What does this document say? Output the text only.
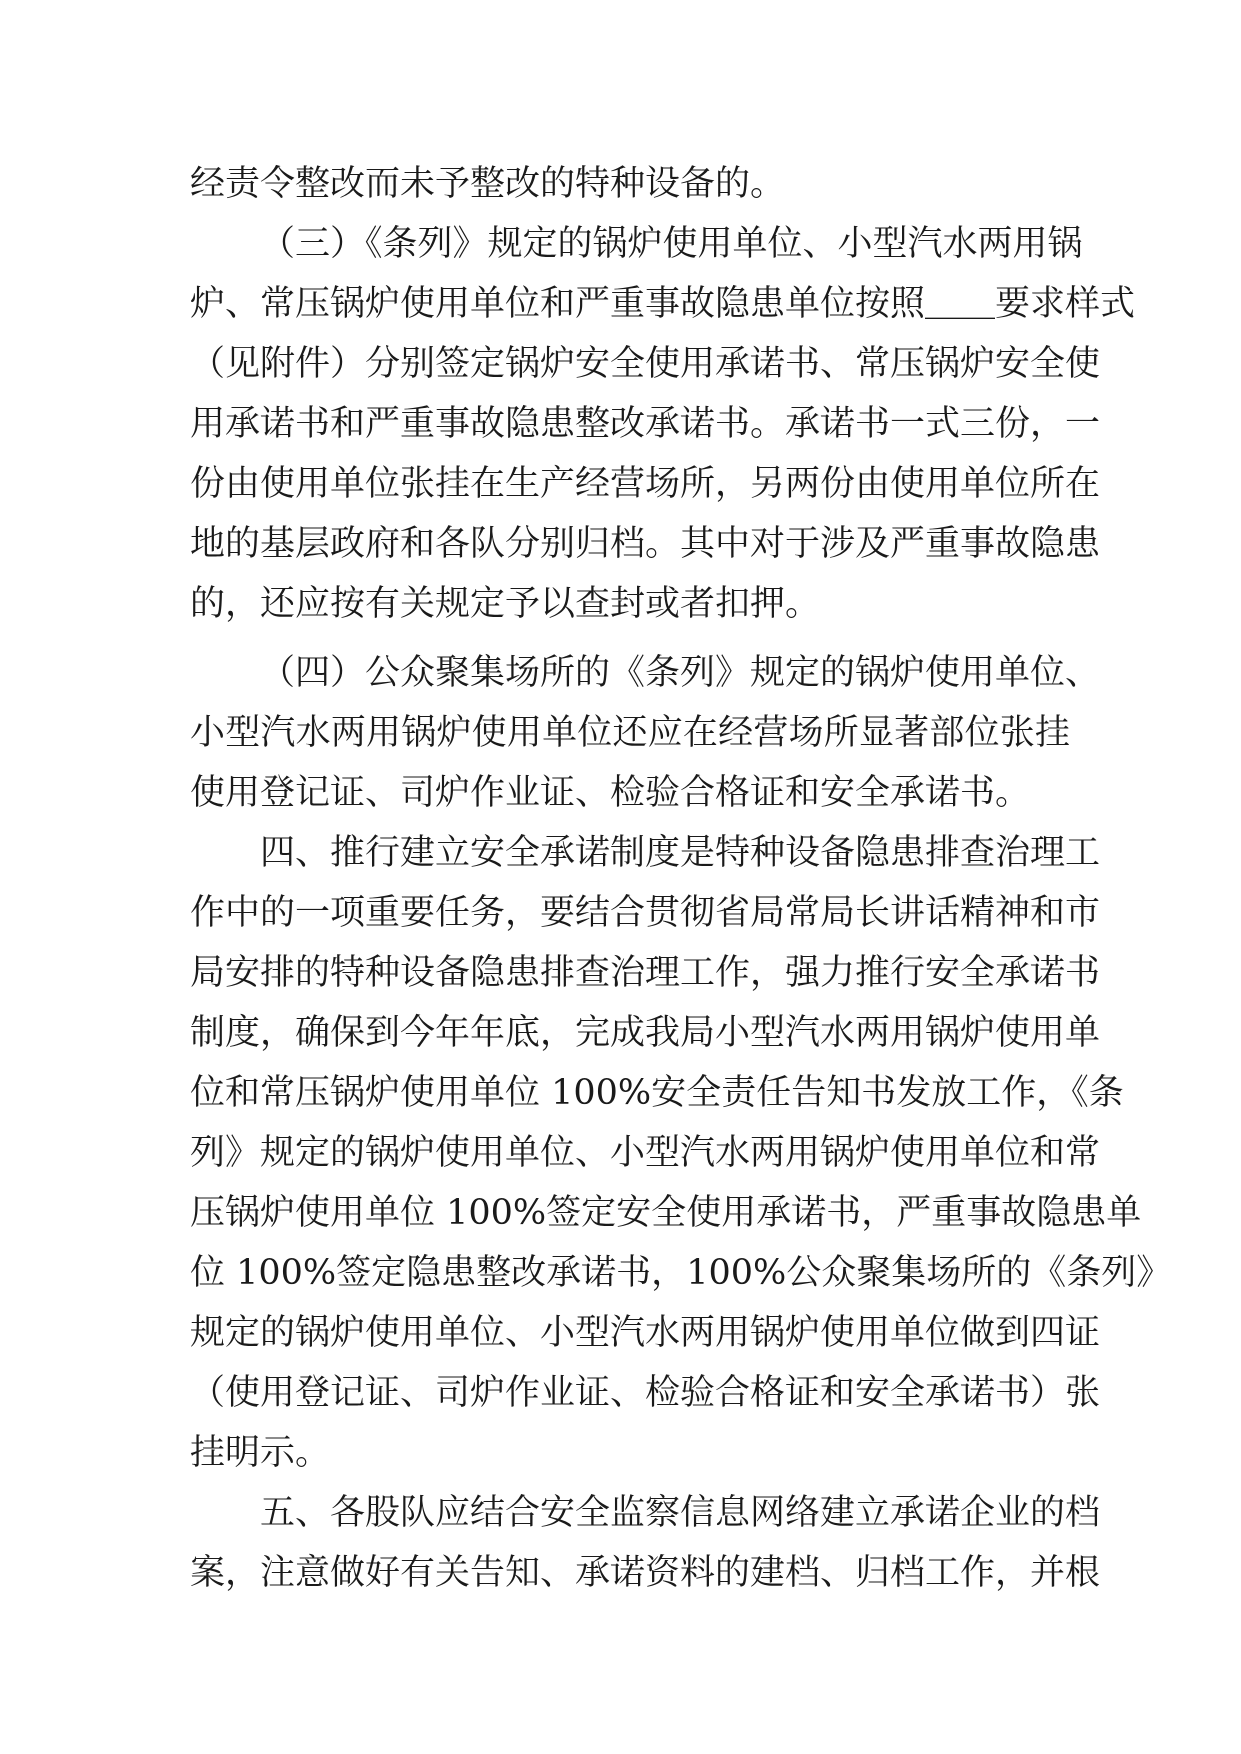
经责令整改而未予整改的特种设备的。
（三）《条列》规定的锅炉使用单位、小型汽水两用锅
炉、常压锅炉使用单位和严重事故隐患单位按照＿＿要求样式
（见附件）分别签定锅炉安全使用承诺书、常压锅炉安全使
用承诺书和严重事故隐患整改承诺书。承诺书一式三份，一
份由使用单位张挂在生产经营场所，另两份由使用单位所在
地的基层政府和各队分别归档。其中对于涉及严重事故隐患
的，还应按有关规定予以查封或者扣押。
（四）公众聚集场所的《条列》规定的锅炉使用单位、
小型汽水两用锅炉使用单位还应在经营场所显著部位张挂
使用登记证、司炉作业证、检验合格证和安全承诺书。
四、推行建立安全承诺制度是特种设备隐患排查治理工
作中的一项重要任务，要结合贯彻省局常局长讲话精神和市
局安排的特种设备隐患排查治理工作，强力推行安全承诺书
制度，确保到今年年底，完成我局小型汽水两用锅炉使用单
位和常压锅炉使用单位 100%安全责任告知书发放工作，《条
列》规定的锅炉使用单位、小型汽水两用锅炉使用单位和常
压锅炉使用单位 100%签定安全使用承诺书，严重事故隐患单
位 100%签定隐患整改承诺书，100%公众聚集场所的《条列》
规定的锅炉使用单位、小型汽水两用锅炉使用单位做到四证
（使用登记证、司炉作业证、检验合格证和安全承诺书）张
挂明示。
五、各股队应结合安全监察信息网络建立承诺企业的档
案，注意做好有关告知、承诺资料的建档、归档工作，并根
